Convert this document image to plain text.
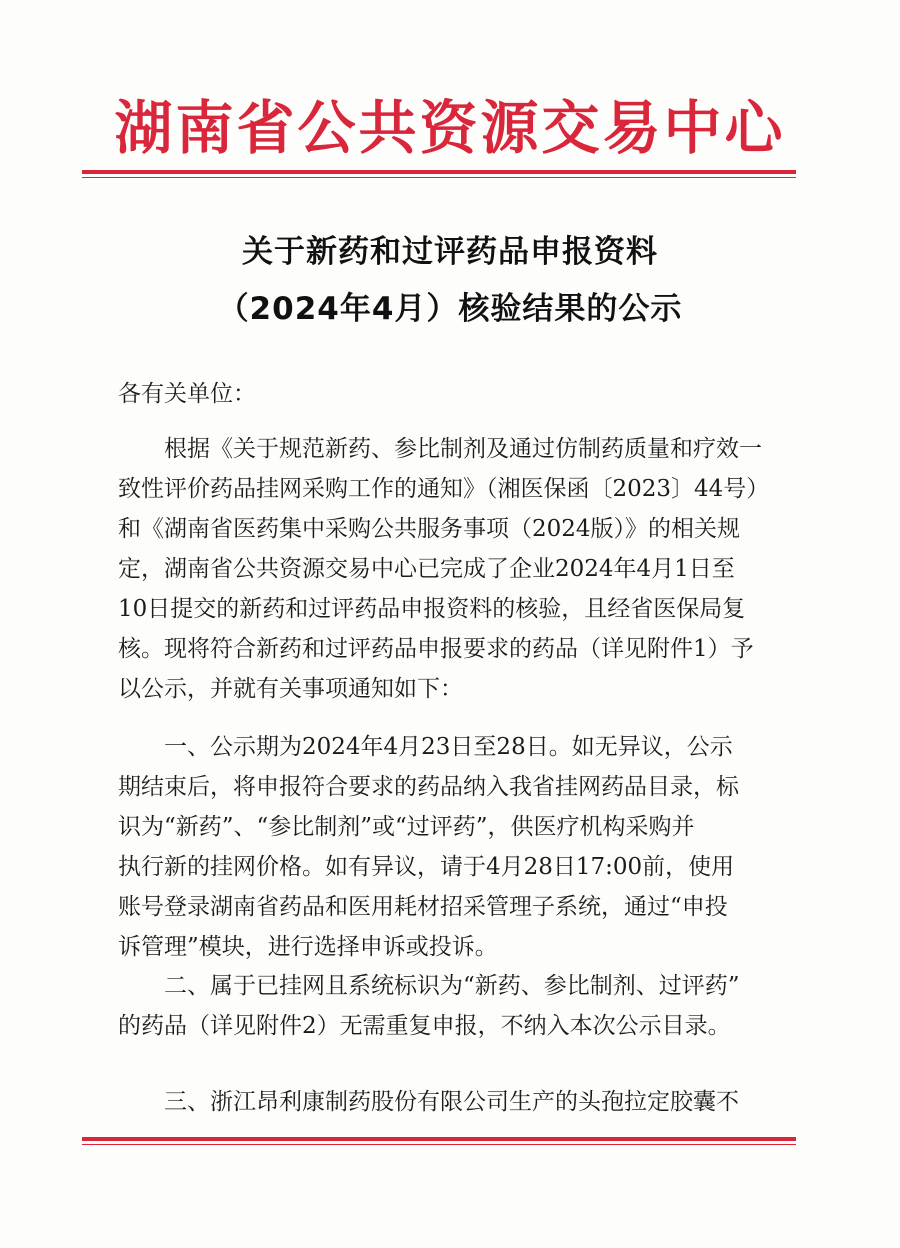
湖南省公共资源交易中心
关于新药和过评药品申报资料
（2024年4月）核验结果的公示
各有关单位：
根据《关于规范新药、参比制剂及通过仿制药质量和疗效一
致性评价药品挂网采购工作的通知》（湘医保函〔2023〕44号）
和《湖南省医药集中采购公共服务事项（2024版）》的相关规
定，湖南省公共资源交易中心已完成了企业2024年4月1日至
10日提交的新药和过评药品申报资料的核验，且经省医保局复
核。现将符合新药和过评药品申报要求的药品（详见附件1）予
以公示，并就有关事项通知如下：
一、公示期为2024年4月23日至28日。如无异议，公示
期结束后，将申报符合要求的药品纳入我省挂网药品目录，标
识为“新药”、“参比制剂”或“过评药”，供医疗机构采购并
执行新的挂网价格。如有异议，请于4月28日17:00前，使用
账号登录湖南省药品和医用耗材招采管理子系统，通过“申投
诉管理”模块，进行选择申诉或投诉。
二、属于已挂网且系统标识为“新药、参比制剂、过评药”
的药品（详见附件2）无需重复申报，不纳入本次公示目录。
三、浙江昂利康制药股份有限公司生产的头孢拉定胶囊不
